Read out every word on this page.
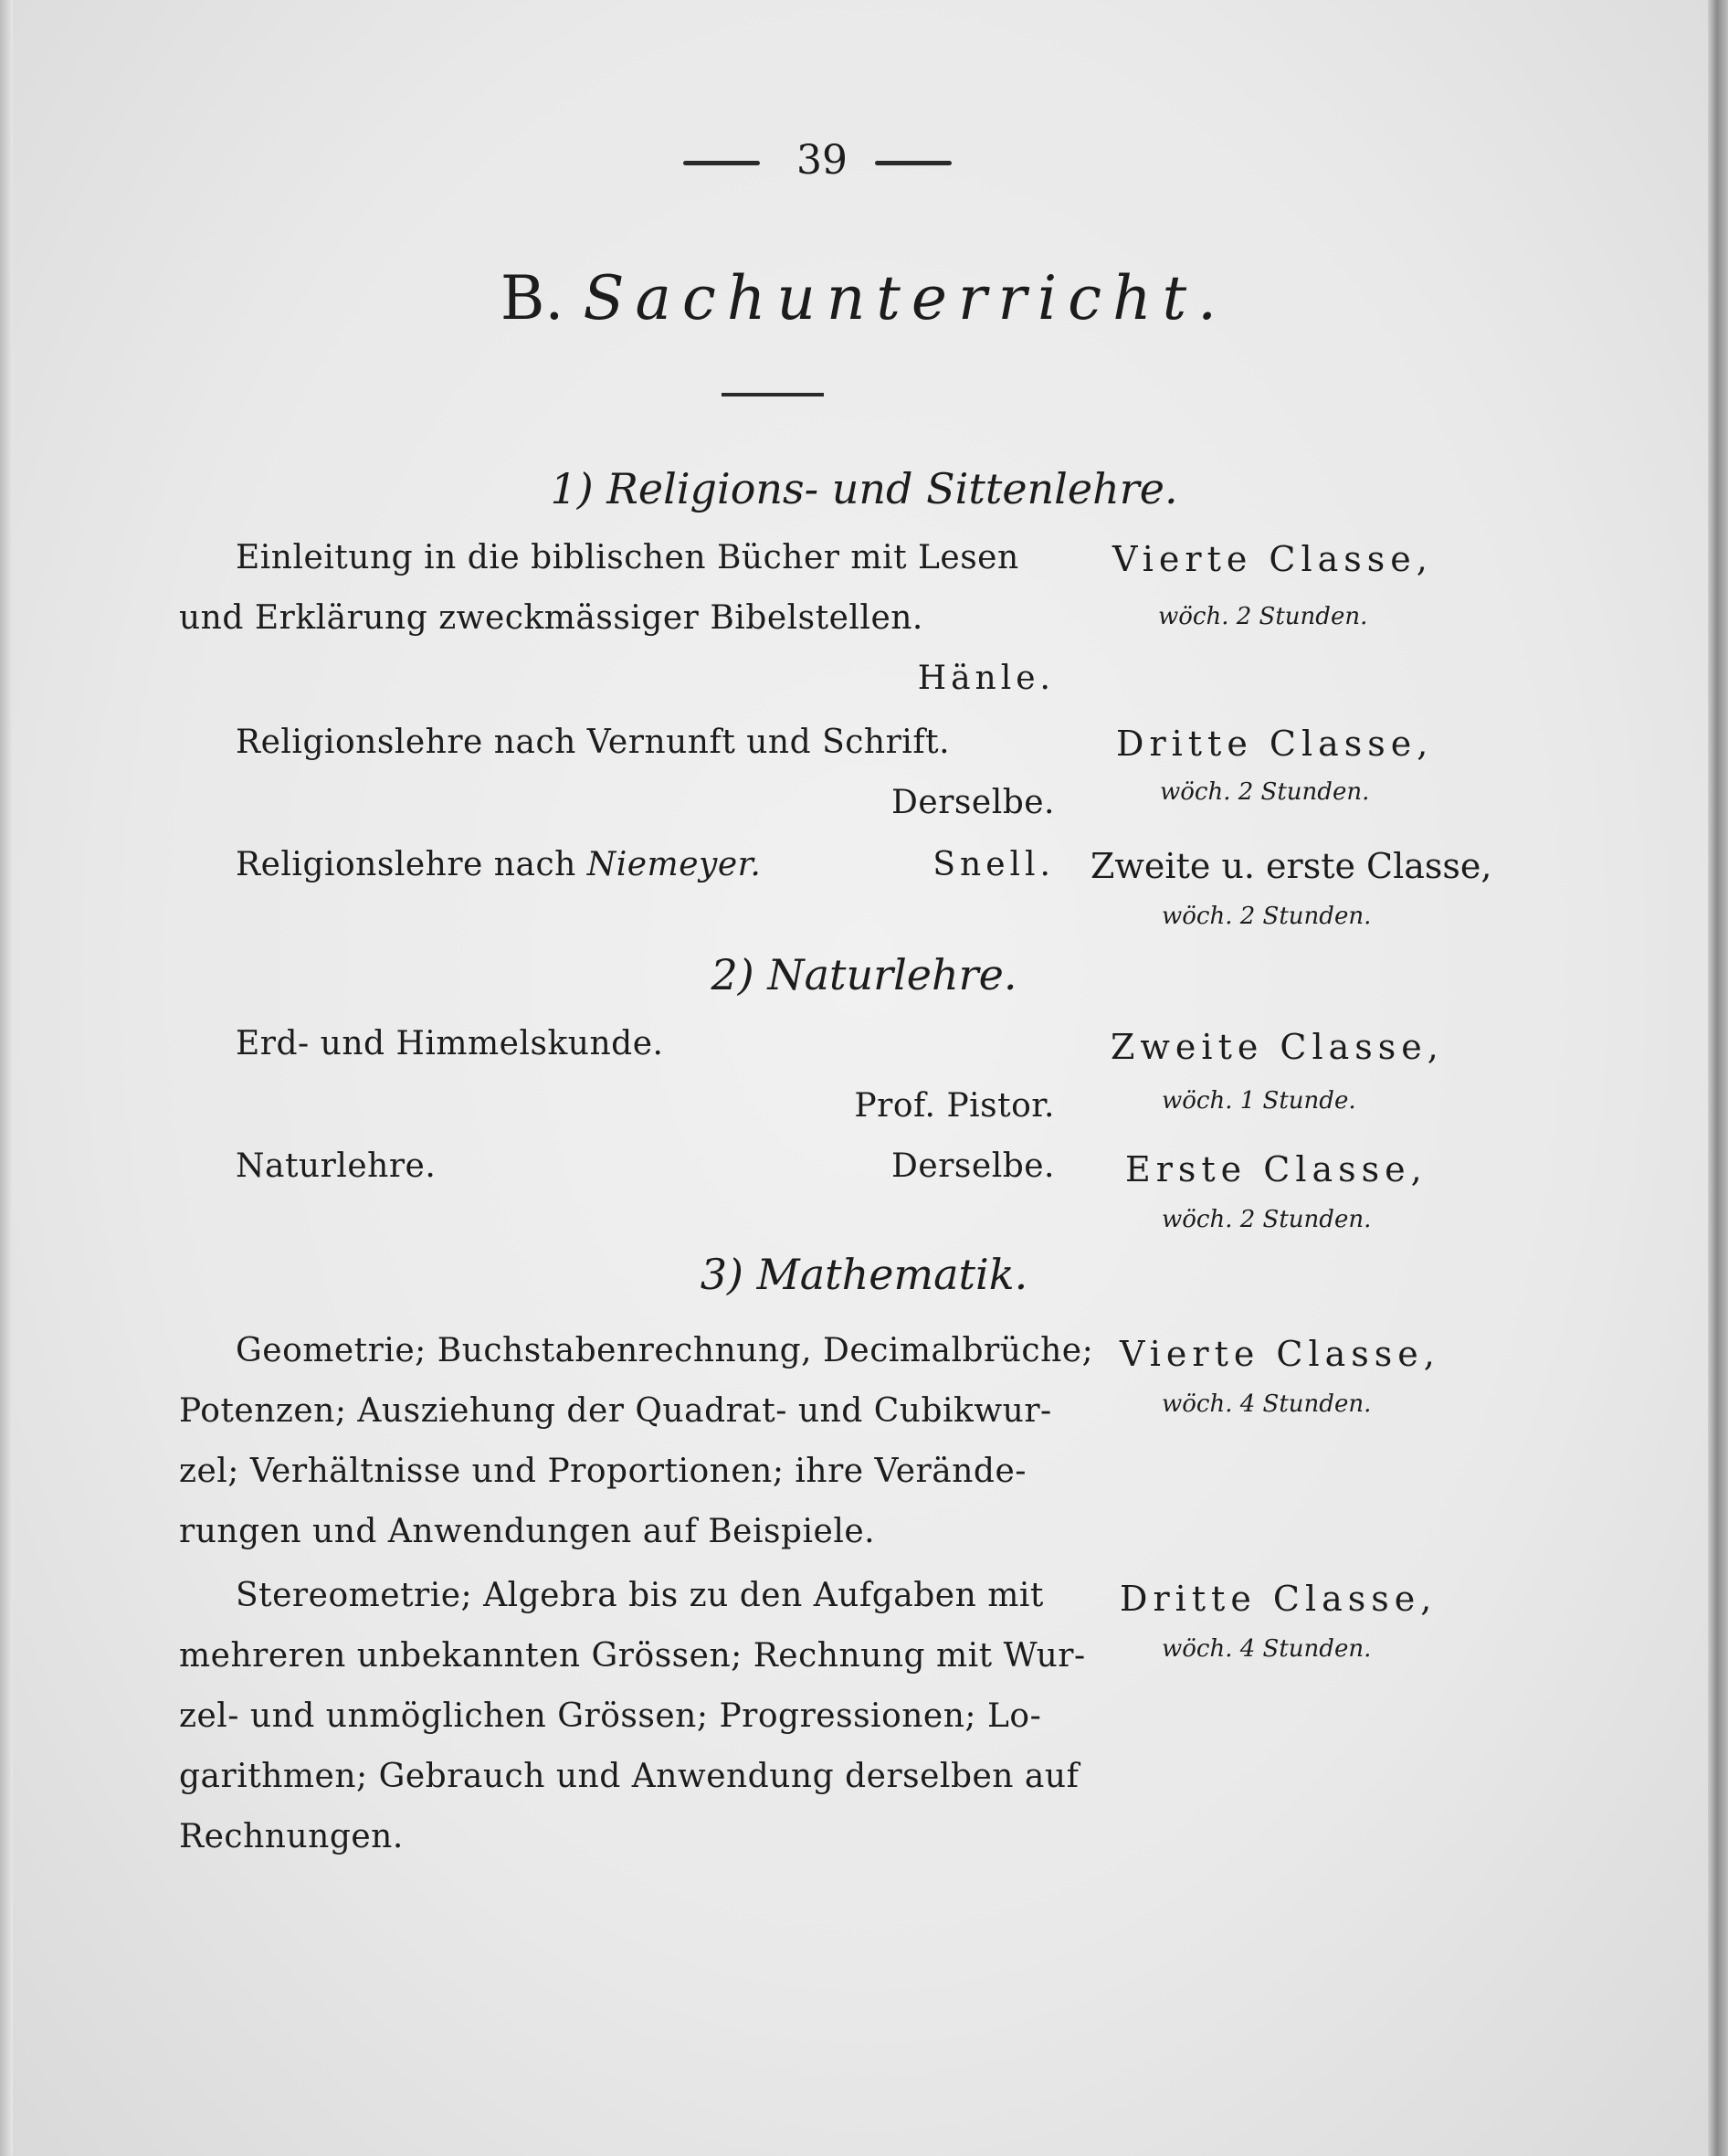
39
B. Sachunterricht.
1) Religions- und Sittenlehre.
Einleitung in die biblischen Bücher mit Lesen
und Erklärung zweckmässiger Bibelstellen.
Hänle.
Vierte Classe,
wöch. 2 Stunden.
Religionslehre nach Vernunft und Schrift.
Derselbe.
Dritte Classe,
wöch. 2 Stunden.
Religionslehre nach Niemeyer.	Snell. Zweite u. erste Classe,
wöch. 2 Stunden.
2) Naturlehre.
Erd- und Himmelskunde.
Prof. Pistor.
Zweite Classe,
wöch. 1 Stunde.
Naturlehre.	Derselbe. Erste Classe,
wöch. 2 Stunden.
3) Mathematik.
Geometrie; Buchstabenrechnung, Decimalbrüche;
Potenzen; Ausziehung der Quadrat- und Cubikwur-
zel; Verhältnisse und Proportionen; ihre Verände-
rungen und Anwendungen auf Beispiele.
Vierte Classe,
wöch. 4 Stunden.
Stereometrie; Algebra bis zu den Aufgaben mit
mehreren unbekannten Grössen; Rechnung mit Wur-
zel- und unmöglichen Grössen; Progressionen; Lo-
garithmen; Gebrauch und Anwendung derselben auf
Rechnungen.
Dritte Classe,
wöch. 4 Stunden.
